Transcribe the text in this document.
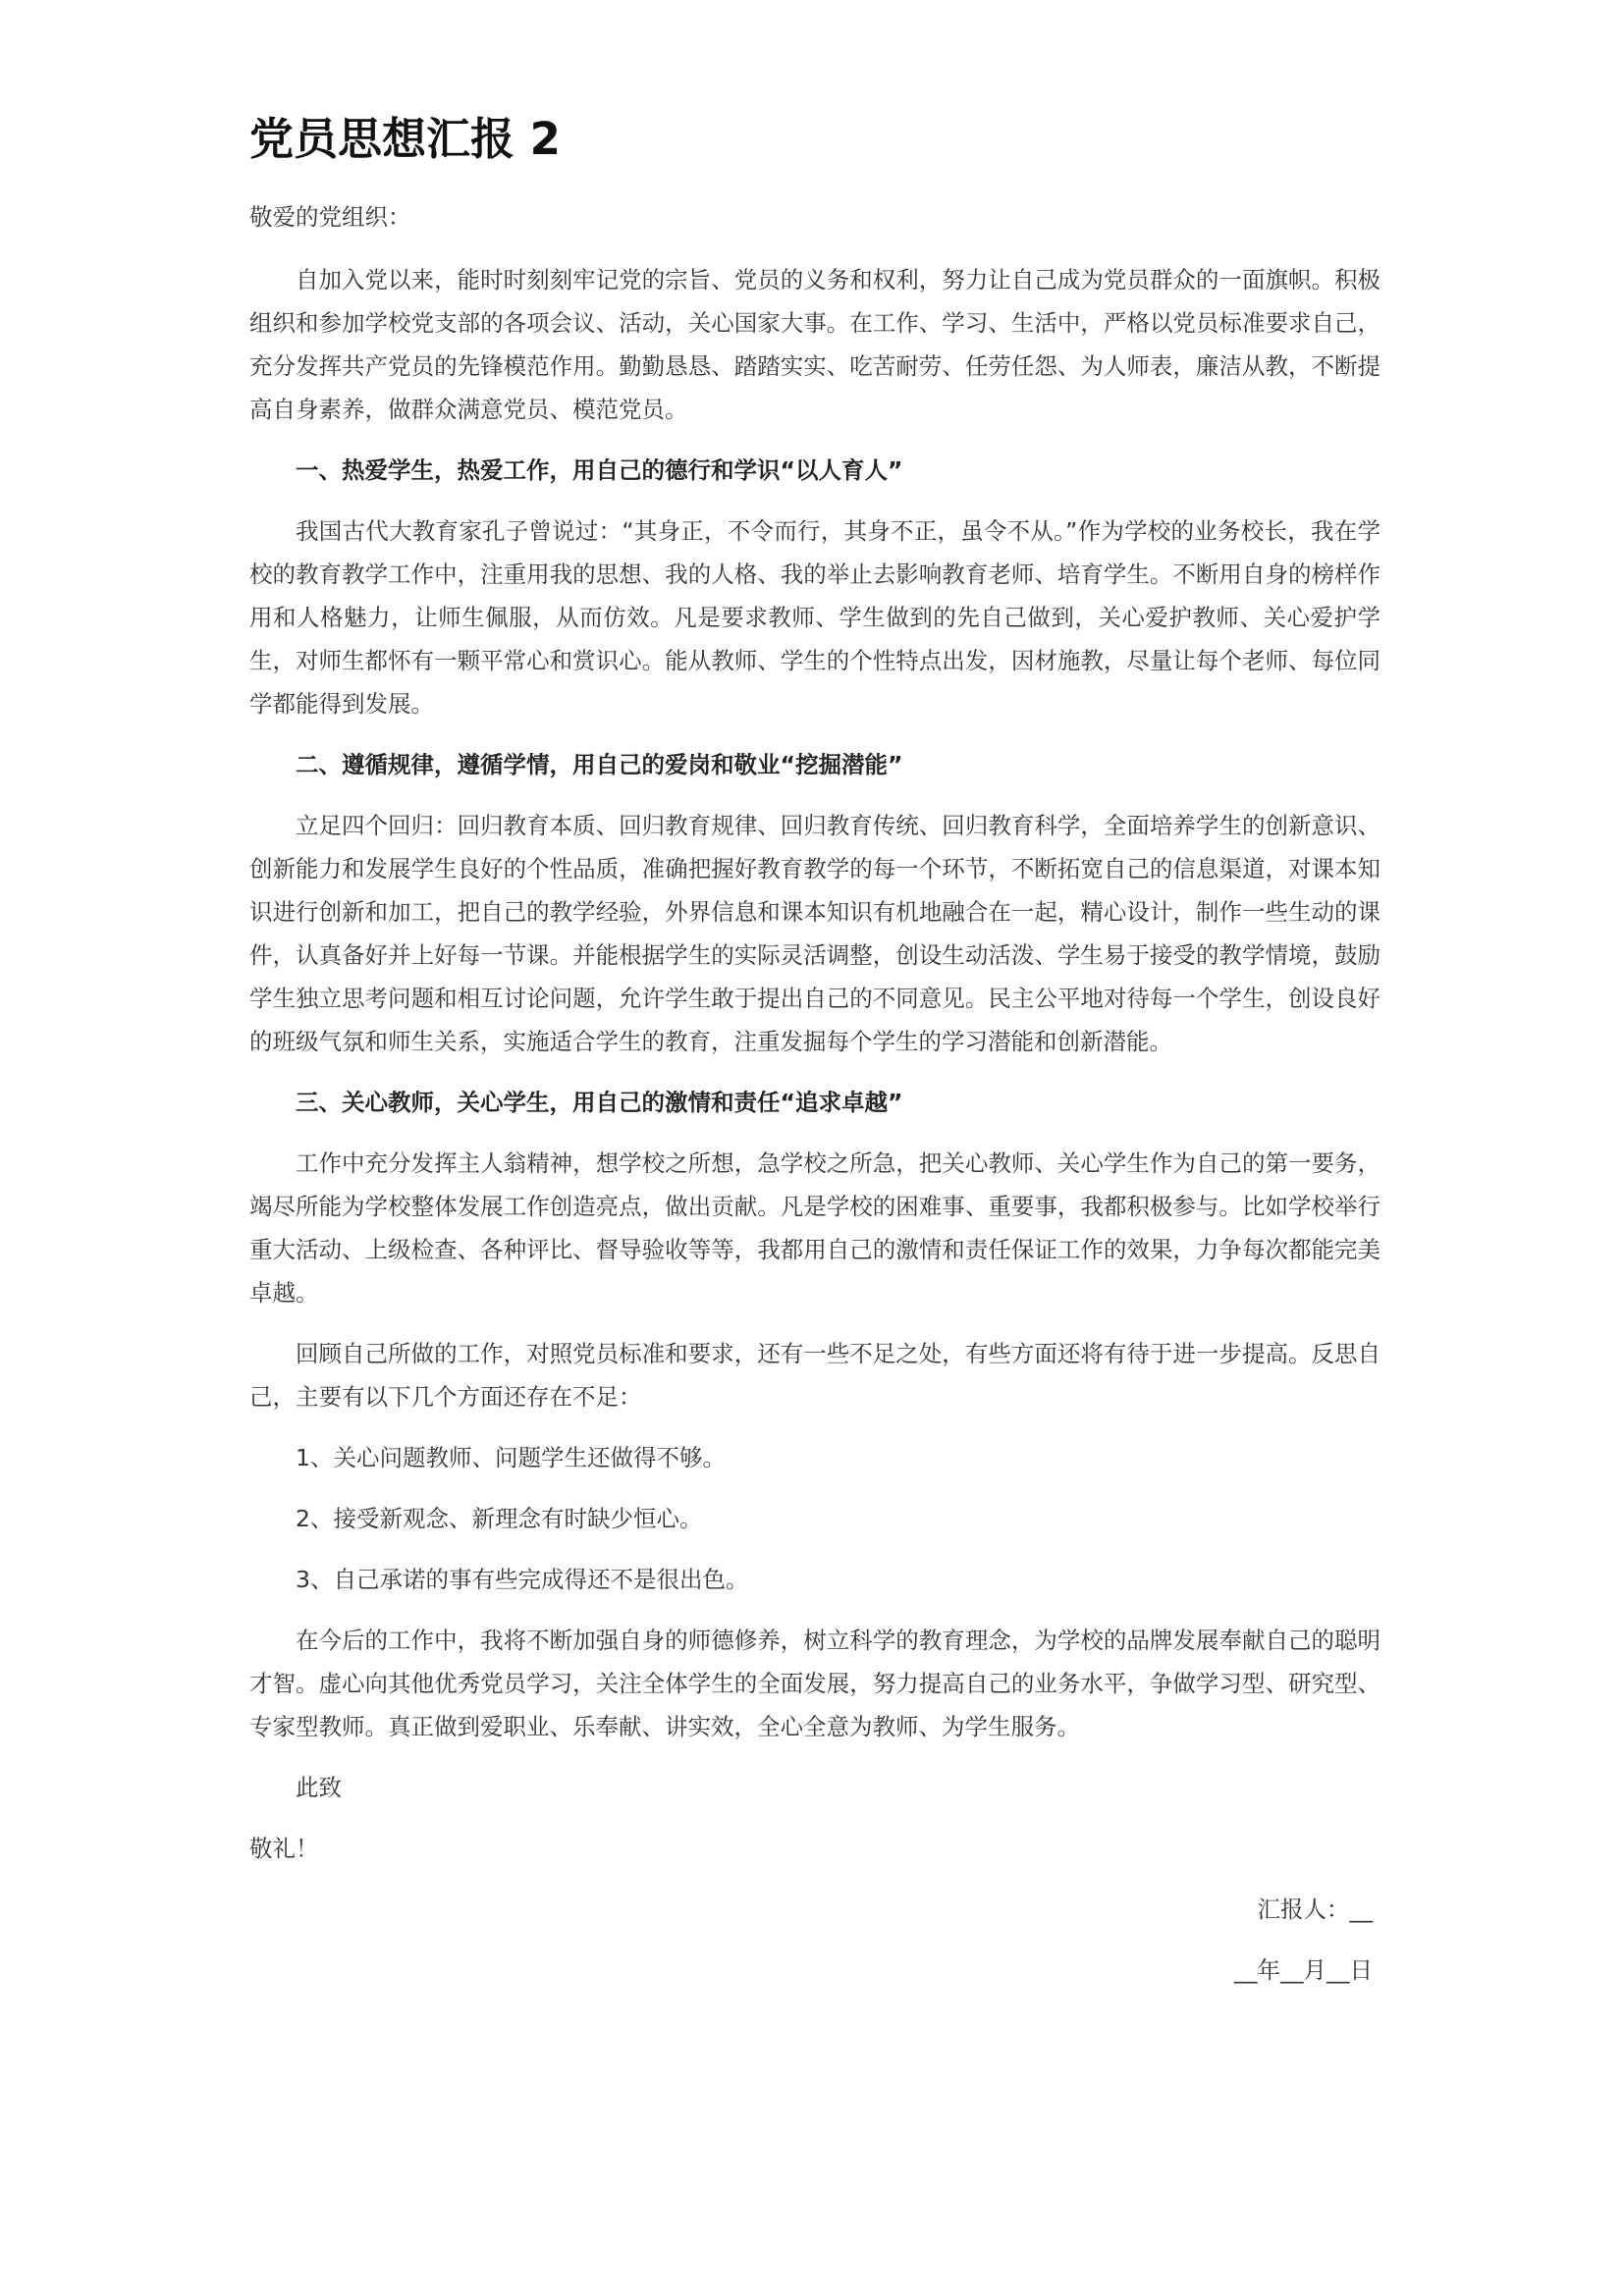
党员思想汇报 2

敬爱的党组织：

自加入党以来，能时时刻刻牢记党的宗旨、党员的义务和权利，努力让自己成为党员群众的一面旗帜。积极组织和参加学校党支部的各项会议、活动，关心国家大事。在工作、学习、生活中，严格以党员标准要求自己，充分发挥共产党员的先锋模范作用。勤勤恳恳、踏踏实实、吃苦耐劳、任劳任怨、为人师表，廉洁从教，不断提高自身素养，做群众满意党员、模范党员。

一、热爱学生，热爱工作，用自己的德行和学识“以人育人”

我国古代大教育家孔子曾说过：“其身正，不令而行，其身不正，虽令不从。”作为学校的业务校长，我在学校的教育教学工作中，注重用我的思想、我的人格、我的举止去影响教育老师、培育学生。不断用自身的榜样作用和人格魅力，让师生佩服，从而仿效。凡是要求教师、学生做到的先自己做到，关心爱护教师、关心爱护学生，对师生都怀有一颗平常心和赏识心。能从教师、学生的个性特点出发，因材施教，尽量让每个老师、每位同学都能得到发展。

二、遵循规律，遵循学情，用自己的爱岗和敬业“挖掘潜能”

立足四个回归：回归教育本质、回归教育规律、回归教育传统、回归教育科学，全面培养学生的创新意识、创新能力和发展学生良好的个性品质，准确把握好教育教学的每一个环节，不断拓宽自己的信息渠道，对课本知识进行创新和加工，把自己的教学经验，外界信息和课本知识有机地融合在一起，精心设计，制作一些生动的课件，认真备好并上好每一节课。并能根据学生的实际灵活调整，创设生动活泼、学生易于接受的教学情境，鼓励学生独立思考问题和相互讨论问题，允许学生敢于提出自己的不同意见。民主公平地对待每一个学生，创设良好的班级气氛和师生关系，实施适合学生的教育，注重发掘每个学生的学习潜能和创新潜能。

三、关心教师，关心学生，用自己的激情和责任“追求卓越”

工作中充分发挥主人翁精神，想学校之所想，急学校之所急，把关心教师、关心学生作为自己的第一要务，竭尽所能为学校整体发展工作创造亮点，做出贡献。凡是学校的困难事、重要事，我都积极参与。比如学校举行重大活动、上级检查、各种评比、督导验收等等，我都用自己的激情和责任保证工作的效果，力争每次都能完美卓越。

回顾自己所做的工作，对照党员标准和要求，还有一些不足之处，有些方面还将有待于进一步提高。反思自己，主要有以下几个方面还存在不足：

1、关心问题教师、问题学生还做得不够。

2、接受新观念、新理念有时缺少恒心。

3、自己承诺的事有些完成得还不是很出色。

在今后的工作中，我将不断加强自身的师德修养，树立科学的教育理念，为学校的品牌发展奉献自己的聪明才智。虚心向其他优秀党员学习，关注全体学生的全面发展，努力提高自己的业务水平，争做学习型、研究型、专家型教师。真正做到爱职业、乐奉献、讲实效，全心全意为教师、为学生服务。

此致

敬礼！

汇报人：__

__年__月__日
